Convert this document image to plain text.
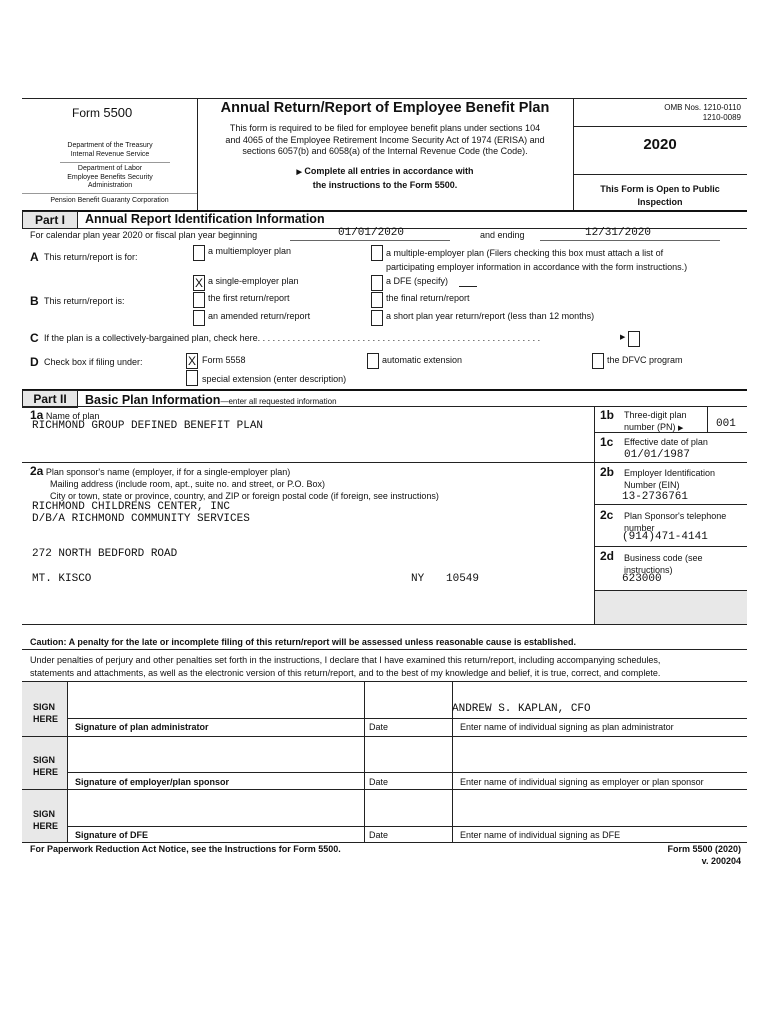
Form 5500
Department of the Treasury
Internal Revenue Service
Department of Labor
Employee Benefits Security
Administration
Pension Benefit Guaranty Corporation
Annual Return/Report of Employee Benefit Plan
This form is required to be filed for employee benefit plans under sections 104
and 4065 of the Employee Retirement Income Security Act of 1974 (ERISA) and
sections 6057(b) and 6058(a) of the Internal Revenue Code (the Code).
▶ Complete all entries in accordance with
the instructions to the Form 5500.
OMB Nos. 1210-0110
1210-0089
2020
This Form is Open to Public
Inspection
Part I	Annual Report Identification Information
For calendar plan year 2020 or fiscal plan year beginning	01/01/2020	and ending	12/31/2020
A This return/report is for:
a multiemployer plan	a multiple-employer plan (Filers checking this box must attach a list of
participating employer information in accordance with the form instructions.)
X a single-employer plan	a DFE (specify)
B This return/report is:	the first return/report	the final return/report
an amended return/report	a short plan year return/report (less than 12 months)
C If the plan is a collectively-bargained plan, check here. . . . . . . . . . . . . . . . . . . . . . . . . . . . . . . . . . . . . . . . . . . . . . . . . . . . . . . . .	▶
D Check box if filing under:	X Form 5558	automatic extension	the DFVC program
special extension (enter description)
Part II	Basic Plan Information—enter all requested information
1a Name of plan
RICHMOND GROUP DEFINED BENEFIT PLAN
1b Three-digit plan
number (PN) ▶	001
1c Effective date of plan
01/01/1987
2a Plan sponsor's name (employer, if for a single-employer plan)
Mailing address (include room, apt., suite no. and street, or P.O. Box)
City or town, state or province, country, and ZIP or foreign postal code (if foreign, see instructions)
RICHMOND CHILDRENS CENTER, INC
D/B/A RICHMOND COMMUNITY SERVICES
272 NORTH BEDFORD ROAD
MT. KISCO	NY 10549
2b Employer Identification
Number (EIN)
13-2736761
2c Plan Sponsor's telephone
number
(914)471-4141
2d Business code (see
instructions)
623000
Caution: A penalty for the late or incomplete filing of this return/report will be assessed unless reasonable cause is established.
Under penalties of perjury and other penalties set forth in the instructions, I declare that I have examined this return/report, including accompanying schedules,
statements and attachments, as well as the electronic version of this return/report, and to the best of my knowledge and belief, it is true, correct, and complete.
SIGN
HERE
Signature of plan administrator	Date
ANDREW S. KAPLAN, CFO
Enter name of individual signing as plan administrator
SIGN
HERE
Signature of employer/plan sponsor	Date	Enter name of individual signing as employer or plan sponsor
SIGN
HERE
Signature of DFE	Date	Enter name of individual signing as DFE
For Paperwork Reduction Act Notice, see the Instructions for Form 5500.	Form 5500 (2020)
v. 200204
